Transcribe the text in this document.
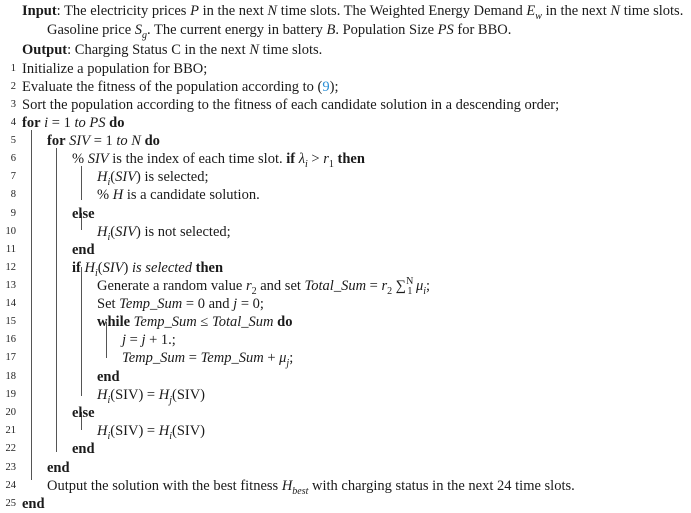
Input: The electricity prices P in the next N time slots. The Weighted Energy Demand $E_w$ in the next N time slots.
Gasoline price $S_g$. The current energy in battery B. Population Size PS for BBO.
Output: Charging Status C in the next N time slots.
1 Initialize a population for BBO;
2 Evaluate the fitness of the population according to (9);
3 Sort the population according to the fitness of each candidate solution in a descending order;
4 for i = 1 to PS do
5 for SIV = 1 to N do
6	% SIV is the index of each time slot. if $\lambda_i > r_1$ then
7	$H_i(SIV)$ is selected;
8	% H is a candidate solution.
9	else
10	$H_i(SIV)$ is not selected;
11	end
12	if $H_i(SIV)$ is selected then
13	Generate a random value $r_2$ and set Total_Sum = $r_2$ ∑$^N_1$ $\mu_i$;
14	Set Temp_Sum = 0 and j = 0;
15	while Temp_Sum ≤ Total_Sum do
16	j = j + 1.;
17	Temp_Sum = Temp_Sum + $\mu_j$;
18	end
19	$H_i(SIV) = H_j(SIV)$
20	else
21	$H_i(SIV) = H_i(SIV)$
22	end
23 end
24 Output the solution with the best fitness $H_{best}$ with charging status in the next 24 time slots.
25 end
